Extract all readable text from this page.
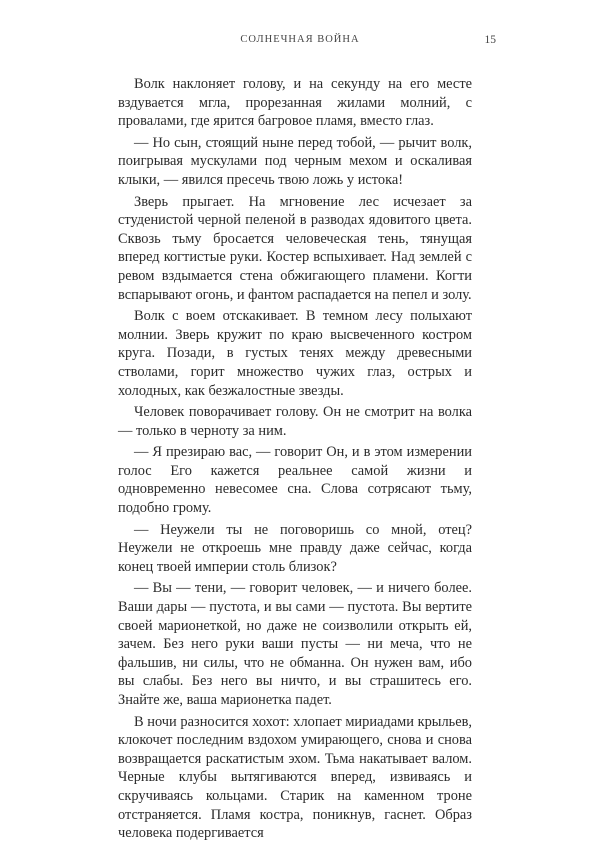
СОЛНЕЧНАЯ ВОЙНА	15

Волк наклоняет голову, и на секунду на его месте вздувается мгла, прорезанная жилами молний, с провалами, где ярится багровое пламя, вместо глаз.

— Но сын, стоящий ныне перед тобой, — рычит волк, поигрывая мускулами под черным мехом и оскаливая клыки, — явился пресечь твою ложь у истока!

Зверь прыгает. На мгновение лес исчезает за студенистой черной пеленой в разводах ядовитого цвета. Сквозь тьму бросается человеческая тень, тянущая вперед когтистые руки. Костер вспыхивает. Над землей с ревом вздымается стена обжигающего пламени. Когти вспарывают огонь, и фантом распадается на пепел и золу.

Волк с воем отскакивает. В темном лесу полыхают молнии. Зверь кружит по краю высвеченного костром круга. Позади, в густых тенях между древесными стволами, горит множество чужих глаз, острых и холодных, как безжалостные звезды.

Человек поворачивает голову. Он не смотрит на волка — только в черноту за ним.

— Я презираю вас, — говорит Он, и в этом измерении голос Его кажется реальнее самой жизни и одновременно невесомее сна. Слова сотрясают тьму, подобно грому.

— Неужели ты не поговоришь со мной, отец? Неужели не откроешь мне правду даже сейчас, когда конец твоей империи столь близок?

— Вы — тени, — говорит человек, — и ничего более. Ваши дары — пустота, и вы сами — пустота. Вы вертите своей марионеткой, но даже не соизволили открыть ей, зачем. Без него руки ваши пусты — ни меча, что не фальшив, ни силы, что не обманна. Он нужен вам, ибо вы слабы. Без него вы ничто, и вы страшитесь его. Знайте же, ваша марионетка падет.

В ночи разносится хохот: хлопает мириадами крыльев, клокочет последним вздохом умирающего, снова и снова возвращается раскатистым эхом. Тьма накатывает валом. Черные клубы вытягиваются вперед, извиваясь и скручиваясь кольцами. Старик на каменном троне отстраняется. Пламя костра, поникнув, гаснет. Образ человека подергивается
